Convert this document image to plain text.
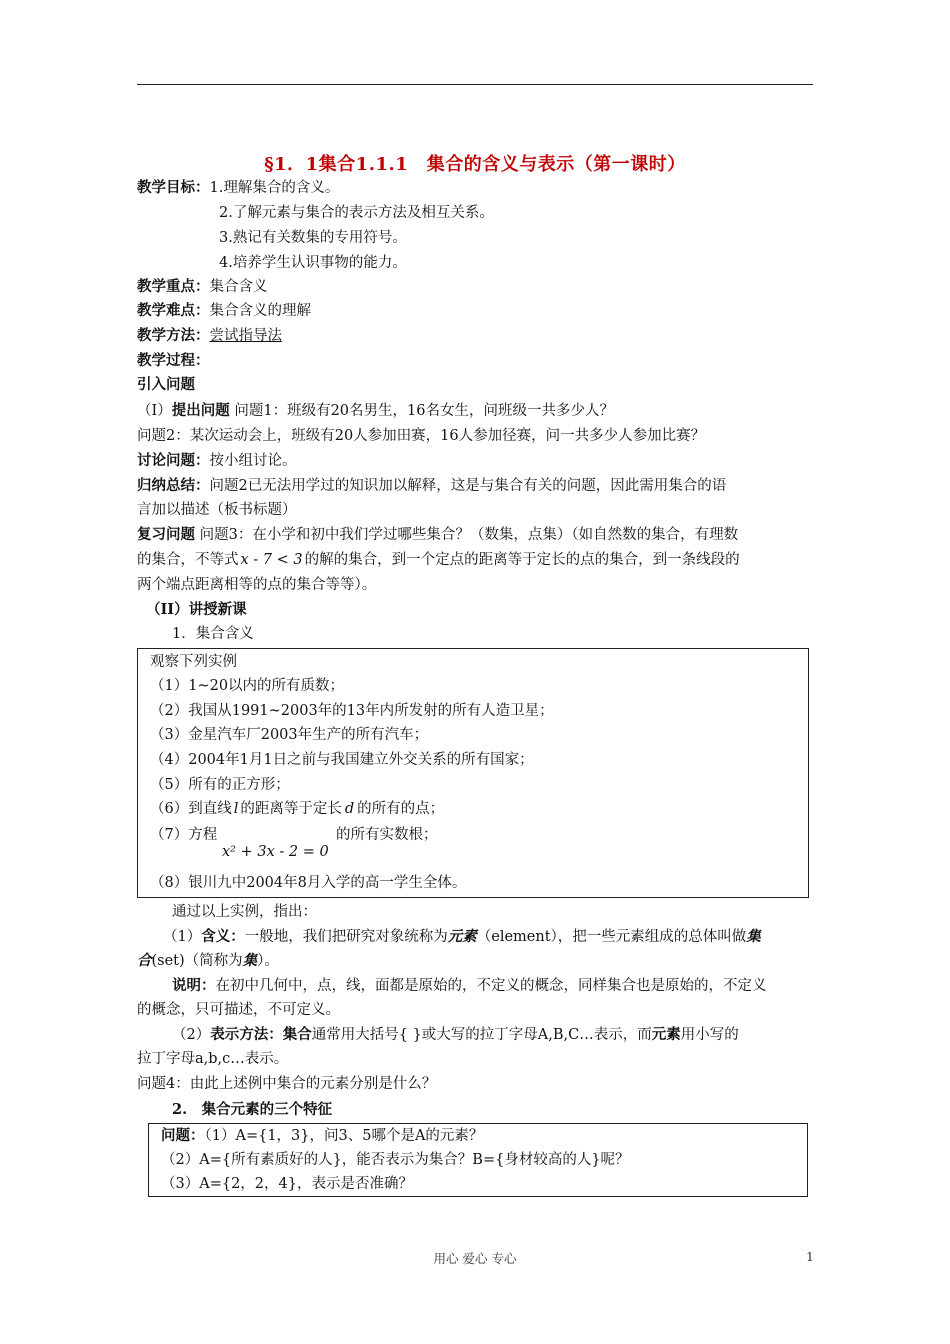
§1．1集合1.1.1　集合的含义与表示（第一课时）
教学目标：1.理解集合的含义。
2.了解元素与集合的表示方法及相互关系。
3.熟记有关数集的专用符号。
4.培养学生认识事物的能力。
教学重点：集合含义
教学难点：集合含义的理解
教学方法：尝试指导法
教学过程：
引入问题
（I）提出问题 问题1：班级有20名男生，16名女生，问班级一共多少人？
问题2：某次运动会上，班级有20人参加田赛，16人参加径赛，问一共多少人参加比赛？
讨论问题：按小组讨论。
归纳总结：问题2已无法用学过的知识加以解释，这是与集合有关的问题，因此需用集合的语
言加以描述（板书标题）
复习问题 问题3：在小学和初中我们学过哪些集合？（数集，点集）（如自然数的集合，有理数
的集合，不等式 x - 7 < 3 的解的集合，到一个定点的距离等于定长的点的集合，到一条线段的
两个端点距离相等的点的集合等等）。
（II）讲授新课
1．集合含义
观察下列实例
（1）1~20以内的所有质数；
（2）我国从1991~2003年的13年内所发射的所有人造卫星；
（3）金星汽车厂2003年生产的所有汽车；
（4）2004年1月1日之前与我国建立外交关系的所有国家；
（5）所有的正方形；
（6）到直线 l 的距离等于定长 d 的所有的点；
（7）方程
x² + 3x - 2 = 0
的所有实数根；
（8）银川九中2004年8月入学的高一学生全体。
通过以上实例，指出：
（1）含义：一般地，我们把研究对象统称为元素（element），把一些元素组成的总体叫做集
合(set)（简称为集）。
说明：在初中几何中，点，线，面都是原始的，不定义的概念，同样集合也是原始的，不定义
的概念，只可描述，不可定义。
（2）表示方法：集合通常用大括号{ }或大写的拉丁字母A,B,C…表示，而元素用小写的
拉丁字母a,b,c…表示。
问题4：由此上述例中集合的元素分别是什么？
2.　集合元素的三个特征
问题：（1）A={1，3}，问3、5哪个是A的元素？
（2）A={所有素质好的人}，能否表示为集合？B={身材较高的人}呢？
（3）A={2，2，4}，表示是否准确？
用心 爱心 专心	1
